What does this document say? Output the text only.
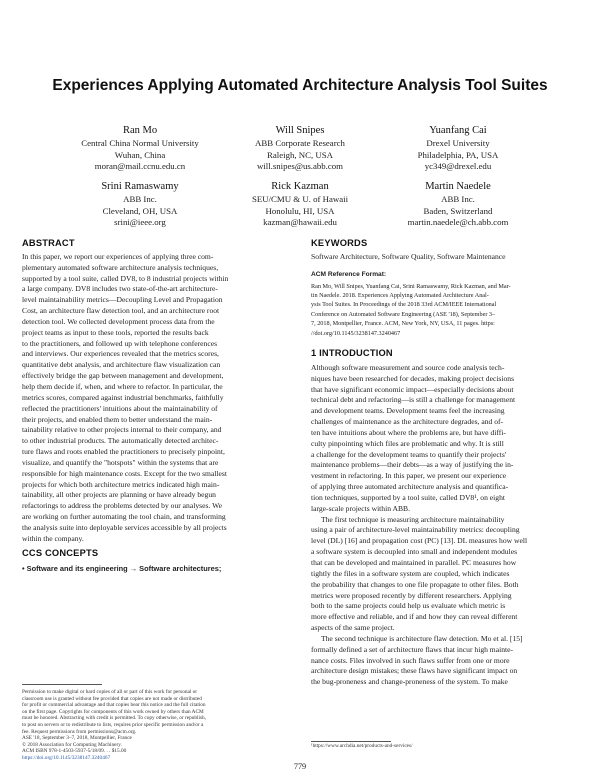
Experiences Applying Automated Architecture Analysis Tool Suites
Ran Mo
Central China Normal University
Wuhan, China
moran@mail.ccnu.edu.cn
Will Snipes
ABB Corporate Research
Raleigh, NC, USA
will.snipes@us.abb.com
Yuanfang Cai
Drexel University
Philadelphia, PA, USA
yc349@drexel.edu
Srini Ramaswamy
ABB Inc.
Cleveland, OH, USA
srini@ieee.org
Rick Kazman
SEU/CMU & U. of Hawaii
Honolulu, HI, USA
kazman@hawaii.edu
Martin Naedele
ABB Inc.
Baden, Switzerland
martin.naedele@ch.abb.com
ABSTRACT
In this paper, we report our experiences of applying three com-
plementary automated software architecture analysis techniques,
supported by a tool suite, called DV8, to 8 industrial projects within
a large company. DV8 includes two state-of-the-art architecture-
level maintainability metrics—Decoupling Level and Propagation
Cost, an architecture flaw detection tool, and an architecture root
detection tool. We collected development process data from the
project teams as input to these tools, reported the results back
to the practitioners, and followed up with telephone conferences
and interviews. Our experiences revealed that the metrics scores,
quantitative debt analysis, and architecture flaw visualization can
effectively bridge the gap between management and development,
help them decide if, when, and where to refactor. In particular, the
metrics scores, compared against industrial benchmarks, faithfully
reflected the practitioners' intuitions about the maintainability of
their projects, and enabled them to better understand the main-
tainability relative to other projects internal to their company, and
to other industrial products. The automatically detected architec-
ture flaws and roots enabled the practitioners to precisely pinpoint,
visualize, and quantify the "hotspots" within the systems that are
responsible for high maintenance costs. Except for the two smallest
projects for which both architecture metrics indicated high main-
tainability, all other projects are planning or have already begun
refactorings to address the problems detected by our analyses. We
are working on further automating the tool chain, and transforming
the analysis suite into deployable services accessible by all projects
within the company.
CCS CONCEPTS
• Software and its engineering → Software architectures;
Permission to make digital or hard copies of all or part of this work for personal or
classroom use is granted without fee provided that copies are not made or distributed
for profit or commercial advantage and that copies bear this notice and the full citation
on the first page. Copyrights for components of this work owned by others than ACM
must be honored. Abstracting with credit is permitted. To copy otherwise, or republish,
to post on servers or to redistribute to lists, requires prior specific permission and/or a
fee. Request permissions from permissions@acm.org.
ASE '18, September 3–7, 2018, Montpellier, France
© 2018 Association for Computing Machinery.
ACM ISBN 978-1-4503-5937-5/18/09. . . $15.00
https://doi.org/10.1145/3238147.3240467
KEYWORDS

Software Architecture, Software Quality, Software Maintenance

ACM Reference Format:
Ran Mo, Will Snipes, Yuanfang Cai, Srini Ramaswamy, Rick Kazman, and Mar-
tin Naedele. 2018. Experiences Applying Automated Architecture Anal-
ysis Tool Suites. In Proceedings of the 2018 33rd ACM/IEEE International
Conference on Automated Software Engineering (ASE '18), September 3–
7, 2018, Montpellier, France. ACM, New York, NY, USA, 11 pages. https:
//doi.org/10.1145/3238147.3240467
1 INTRODUCTION
Although software measurement and source code analysis tech-
niques have been researched for decades, making project decisions
that have significant economic impact—especially decisions about
technical debt and refactoring—is still a challenge for management
and development teams. Development teams feel the increasing
challenges of maintenance as the architecture degrades, and of-
ten have intuitions about where the problems are, but have diffi-
culty pinpointing which files are problematic and why. It is still
a challenge for the development teams to quantify their projects'
maintenance problems—their debts—as a way of justifying the in-
vestment in refactoring. In this paper, we present our experience
of applying three automated architecture analysis and quantifica-
tion techniques, supported by a tool suite, called DV8¹, on eight
large-scale projects within ABB.
The first technique is measuring architecture maintainability
using a pair of architecture-level maintainability metrics: decoupling
level (DL) [16] and propagation cost (PC) [13]. DL measures how well
a software system is decoupled into small and independent modules
that can be developed and maintained in parallel. PC measures how
tightly the files in a software system are coupled, which indicates
the probability that changes to one file propagate to other files. Both
metrics were proposed recently by different researchers. Applying
both to the same projects could help us evaluate which metric is
more effective and reliable, and if and how they can reveal different
aspects of the same project.
The second technique is architecture flaw detection. Mo et al. [15]
formally defined a set of architecture flaws that incur high mainte-
nance costs. Files involved in such flaws suffer from one or more
architecture design mistakes; these flaws have significant impact on
the bug-proneness and change-proneness of the system. To make
¹https://www.archdia.net/products-and-services/
779
